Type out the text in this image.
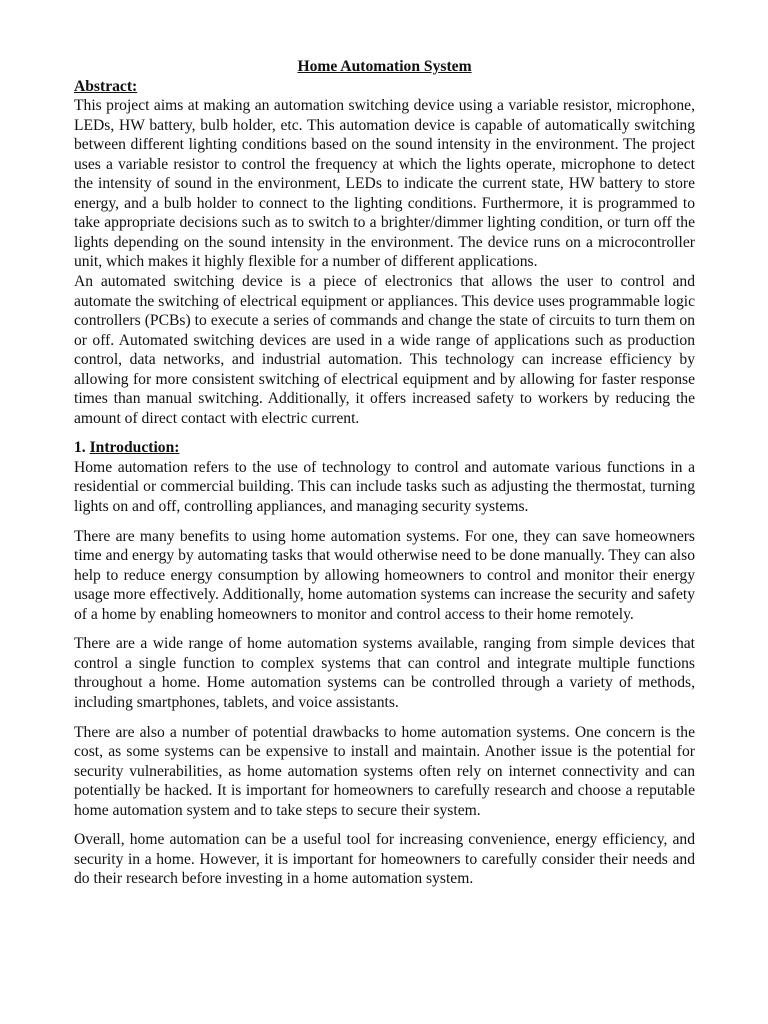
Home Automation System
Abstract:

This project aims at making an automation switching device using a variable resistor, microphone, LEDs, HW battery, bulb holder, etc. This automation device is capable of automatically switching between different lighting conditions based on the sound intensity in the environment. The project uses a variable resistor to control the frequency at which the lights operate, microphone to detect the intensity of sound in the environment, LEDs to indicate the current state, HW battery to store energy, and a bulb holder to connect to the lighting conditions. Furthermore, it is programmed to take appropriate decisions such as to switch to a brighter/dimmer lighting condition, or turn off the lights depending on the sound intensity in the environment. The device runs on a microcontroller unit, which makes it highly flexible for a number of different applications.

An automated switching device is a piece of electronics that allows the user to control and automate the switching of electrical equipment or appliances. This device uses programmable logic controllers (PCBs) to execute a series of commands and change the state of circuits to turn them on or off. Automated switching devices are used in a wide range of applications such as production control, data networks, and industrial automation. This technology can increase efficiency by allowing for more consistent switching of electrical equipment and by allowing for faster response times than manual switching. Additionally, it offers increased safety to workers by reducing the amount of direct contact with electric current.

1. Introduction:

Home automation refers to the use of technology to control and automate various functions in a residential or commercial building. This can include tasks such as adjusting the thermostat, turning lights on and off, controlling appliances, and managing security systems.

There are many benefits to using home automation systems. For one, they can save homeowners time and energy by automating tasks that would otherwise need to be done manually. They can also help to reduce energy consumption by allowing homeowners to control and monitor their energy usage more effectively. Additionally, home automation systems can increase the security and safety of a home by enabling homeowners to monitor and control access to their home remotely.

There are a wide range of home automation systems available, ranging from simple devices that control a single function to complex systems that can control and integrate multiple functions throughout a home. Home automation systems can be controlled through a variety of methods, including smartphones, tablets, and voice assistants.

There are also a number of potential drawbacks to home automation systems. One concern is the cost, as some systems can be expensive to install and maintain. Another issue is the potential for security vulnerabilities, as home automation systems often rely on internet connectivity and can potentially be hacked. It is important for homeowners to carefully research and choose a reputable home automation system and to take steps to secure their system.

Overall, home automation can be a useful tool for increasing convenience, energy efficiency, and security in a home. However, it is important for homeowners to carefully consider their needs and do their research before investing in a home automation system.
